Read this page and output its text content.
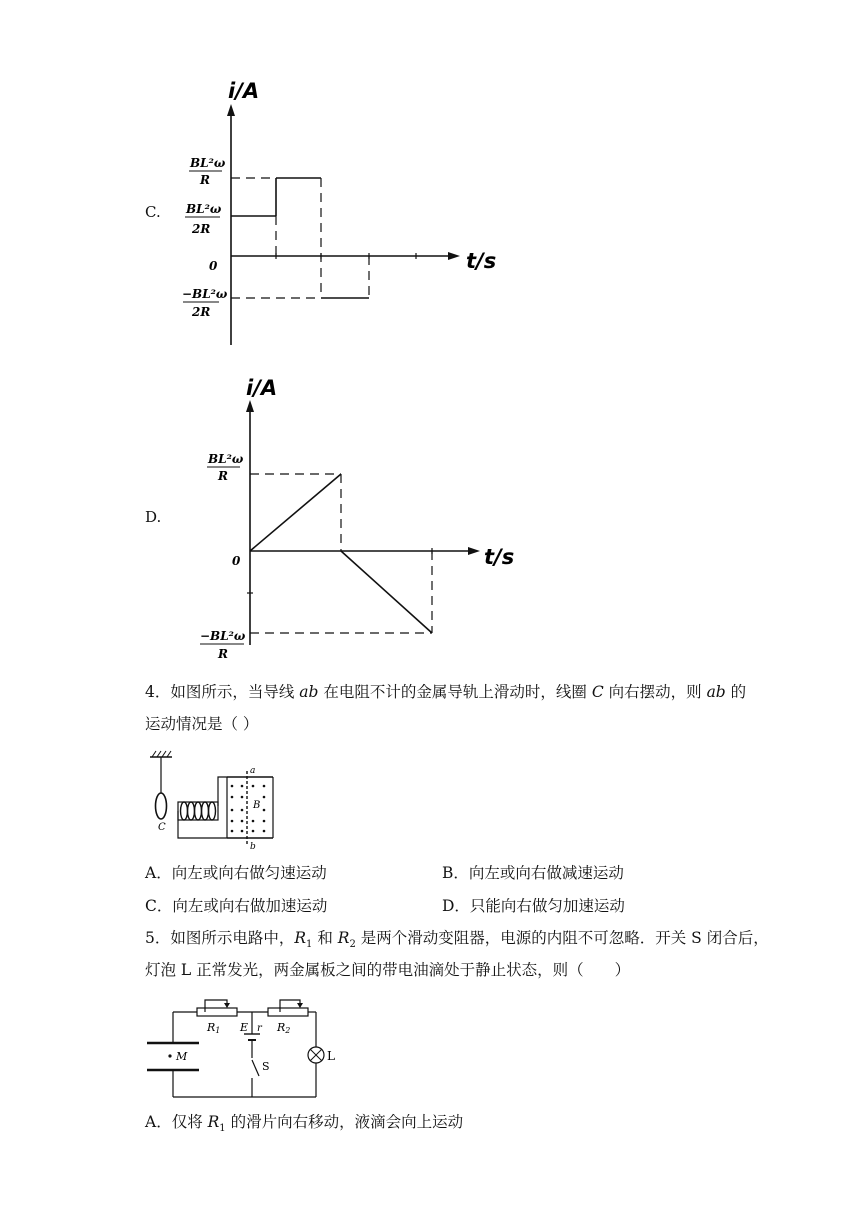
C.
i/A
t/s
0
BL²ω
R
BL²ω
2R
−BL²ω
2R
D.
i/A
t/s
0
BL²ω
R
−BL²ω
R
4．如图所示，当导线 ab 在电阻不计的金属导轨上滑动时，线圈 C 向右摆动，则 ab 的
运动情况是（ ）
C
a
b
B
A．向左或向右做匀速运动	B．向左或向右做减速运动
C．向左或向右做加速运动	D．只能向右做匀加速运动
5．如图所示电路中，$R_1$ 和 $R_2$ 是两个滑动变阻器，电源的内阻不可忽略．开关 S 闭合后，
灯泡 L 正常发光，两金属板之间的带电油滴处于静止状态，则（　　）
R1	R2
M
E r
S
L
A．仅将 $R_1$ 的滑片向右移动，液滴会向上运动
